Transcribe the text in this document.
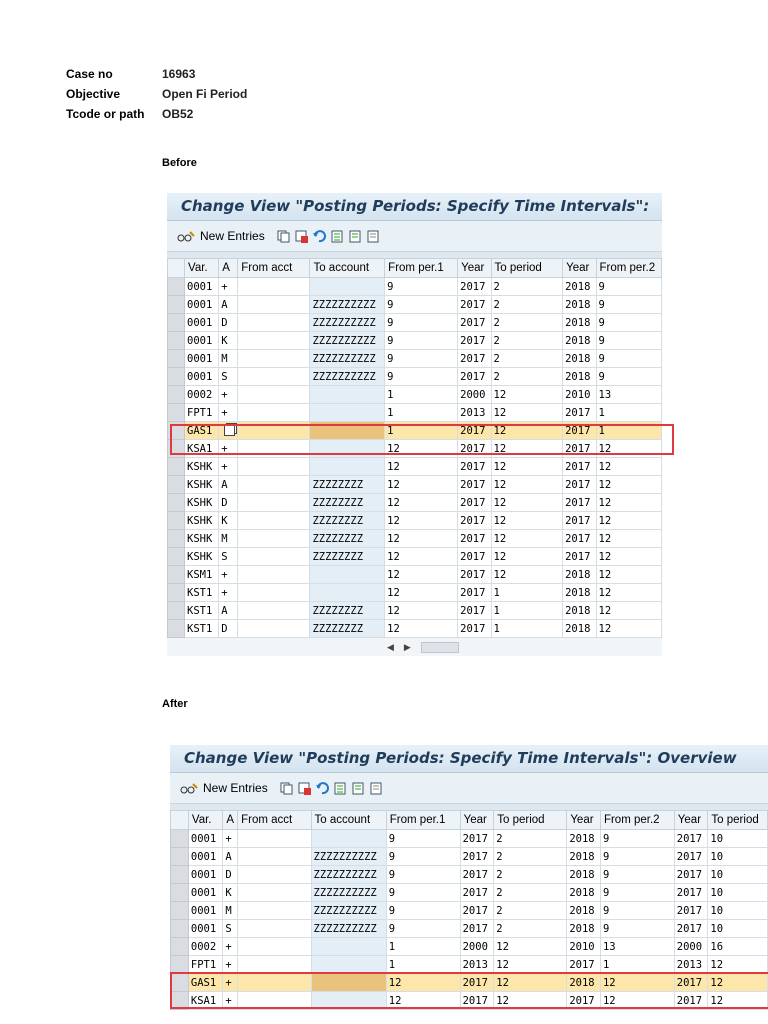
Case no	16963
Objective	Open Fi Period
Tcode or path	OB52
Before
Change View "Posting Periods: Specify Time Intervals":
New Entries
	Var.	A	From acct	To account	From per.1	Year	To period	Year	From per.2
	0001	+			9	2017	2	2018	9
	0001	A		ZZZZZZZZZZ	9	2017	2	2018	9
	0001	D		ZZZZZZZZZZ	9	2017	2	2018	9
	0001	K		ZZZZZZZZZZ	9	2017	2	2018	9
	0001	M		ZZZZZZZZZZ	9	2017	2	2018	9
	0001	S		ZZZZZZZZZZ	9	2017	2	2018	9
	0002	+			1	2000	12	2010	13
	FPT1	+			1	2013	12	2017	1
	GAS1				1	2017	12	2017	1
	KSA1	+			12	2017	12	2017	12
	KSHK	+			12	2017	12	2017	12
	KSHK	A		ZZZZZZZZ	12	2017	12	2017	12
	KSHK	D		ZZZZZZZZ	12	2017	12	2017	12
	KSHK	K		ZZZZZZZZ	12	2017	12	2017	12
	KSHK	M		ZZZZZZZZ	12	2017	12	2017	12
	KSHK	S		ZZZZZZZZ	12	2017	12	2017	12
	KSM1	+			12	2017	12	2018	12
	KST1	+			12	2017	1	2018	12
	KST1	A		ZZZZZZZZ	12	2017	1	2018	12
	KST1	D		ZZZZZZZZ	12	2017	1	2018	12
◀ ▶
After
Change View "Posting Periods: Specify Time Intervals": Overview
New Entries
	Var.	A	From acct	To account	From per.1	Year	To period	Year	From per.2	Year	To period
	0001	+			9	2017	2	2018	9	2017	10
	0001	A		ZZZZZZZZZZ	9	2017	2	2018	9	2017	10
	0001	D		ZZZZZZZZZZ	9	2017	2	2018	9	2017	10
	0001	K		ZZZZZZZZZZ	9	2017	2	2018	9	2017	10
	0001	M		ZZZZZZZZZZ	9	2017	2	2018	9	2017	10
	0001	S		ZZZZZZZZZZ	9	2017	2	2018	9	2017	10
	0002	+			1	2000	12	2010	13	2000	16
	FPT1	+			1	2013	12	2017	1	2013	12
	GAS1	+			12	2017	12	2018	12	2017	12
	KSA1	+			12	2017	12	2017	12	2017	12
